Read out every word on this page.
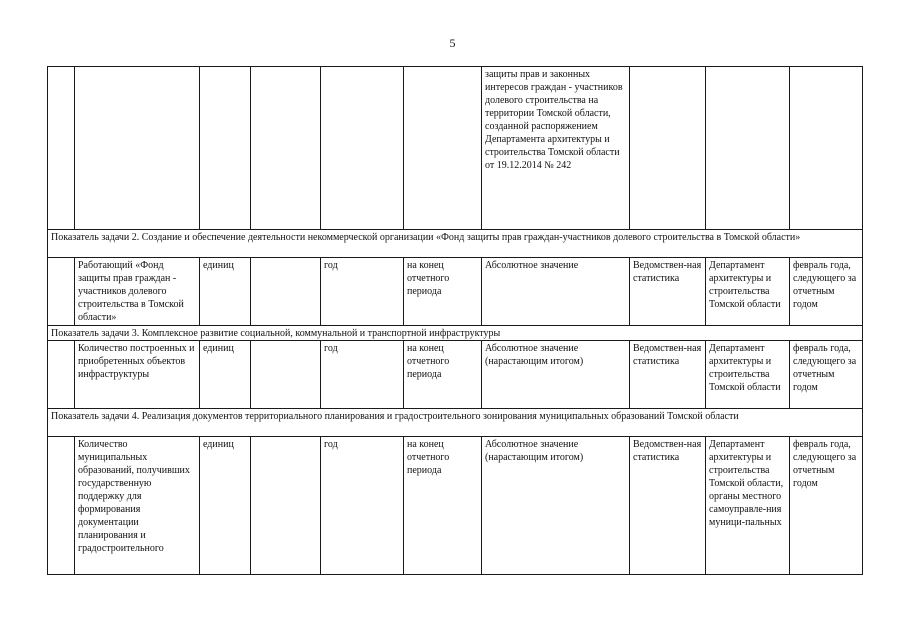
5
						защиты прав и законных интересов граждан - участников долевого строительства на территории Томской области, созданной распоряжением Департамента архитектуры и строительства Томской области от 19.12.2014 № 242			
Показатель задачи 2. Создание и обеспечение деятельности некоммерческой организации «Фонд защиты прав граждан-участников долевого строительства в Томской области»									
	Работающий «Фонд защиты прав граждан - участников долевого строительства в Томской области»	единиц		год	на конец отчетного периода	Абсолютное значение	Ведомствен-ная статистика	Департамент архитектуры и строительства Томской области	февраль года, следующего за отчетным годом
Показатель задачи 3. Комплексное развитие социальной, коммунальной и транспортной инфраструктуры									
	Количество построенных и приобретенных объектов инфраструктуры	единиц		год	на конец отчетного периода	Абсолютное значение (нарастающим итогом)	Ведомствен-ная статистика	Департамент архитектуры и строительства Томской области	февраль года, следующего за отчетным годом
Показатель задачи 4. Реализация документов территориального планирования и градостроительного зонирования муниципальных образований Томской области									
	Количество муниципальных образований, получивших государственную поддержку для формирования документации планирования и градостроительного	единиц		год	на конец отчетного периода	Абсолютное значение (нарастающим итогом)	Ведомствен-ная статистика	Департамент архитектуры и строительства Томской области, органы местного самоуправле-ния муници-пальных	февраль года, следующего за отчетным годом
